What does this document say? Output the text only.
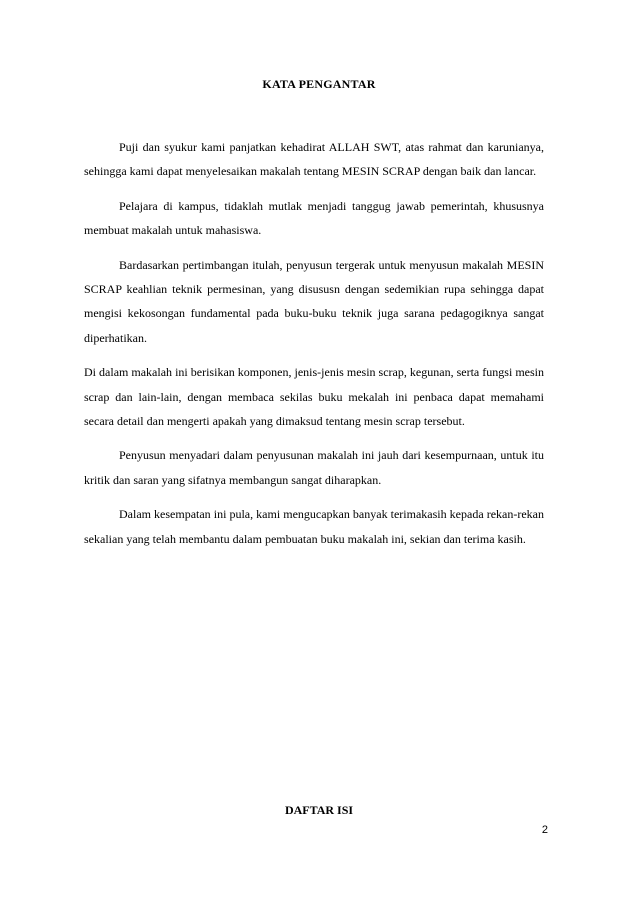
KATA PENGANTAR

Puji dan syukur kami panjatkan kehadirat ALLAH SWT, atas rahmat dan karunianya, sehingga kami dapat menyelesaikan makalah tentang MESIN SCRAP dengan baik dan lancar.

Pelajara di kampus, tidaklah mutlak menjadi tanggug jawab pemerintah, khususnya membuat makalah untuk mahasiswa.

Bardasarkan pertimbangan itulah, penyusun tergerak untuk menyusun makalah MESIN SCRAP keahlian teknik permesinan, yang disususn dengan sedemikian rupa sehingga dapat mengisi kekosongan fundamental pada buku-buku teknik juga sarana pedagogiknya sangat diperhatikan.

Di dalam makalah ini berisikan komponen, jenis-jenis mesin scrap, kegunan, serta fungsi mesin scrap dan lain-lain, dengan membaca sekilas buku mekalah ini penbaca dapat memahami secara detail dan mengerti apakah yang dimaksud tentang mesin scrap tersebut.

Penyusun menyadari dalam penyusunan makalah ini jauh dari kesempurnaan, untuk itu kritik dan saran yang sifatnya membangun sangat diharapkan.

Dalam kesempatan ini pula, kami mengucapkan banyak terimakasih kepada rekan-rekan sekalian yang telah membantu dalam pembuatan buku makalah ini, sekian dan terima kasih.

DAFTAR ISI
2
